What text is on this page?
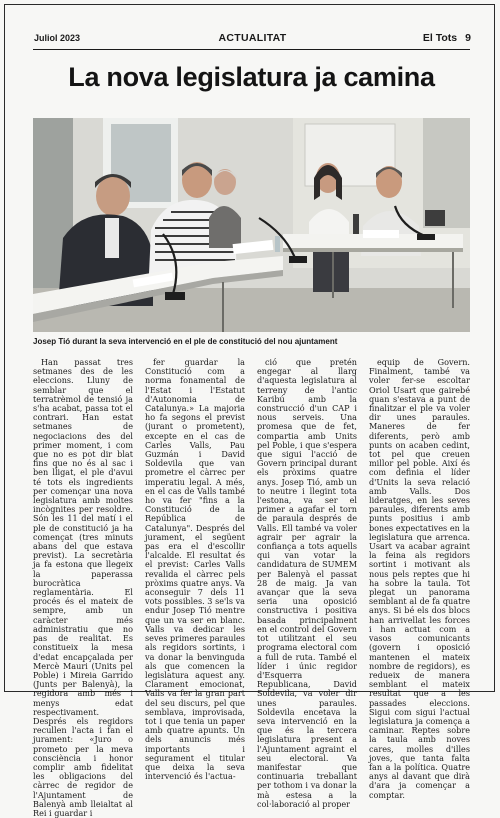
Juliol 2023	ACTUALITAT	El Tots 9
La nova legislatura ja camina
Josep Tió durant la seva intervenció en el ple de constitució del nou ajuntament

Han passat tres setmanes des de les eleccions. Lluny de semblar que el terratrèmol de tensió ja s'ha acabat, passa tot el contrari. Han estat setmanes de negociacions des del primer moment, i com que no es pot dir blat fins que no és al sac i ben lligat, el ple d'avui té tots els ingredients per començar una nova legislatura amb moltes incògnites per resoldre. Són les 11 del matí i el ple de constitució ja ha començat (tres minuts abans del que estava previst). La secretària ja fa estona que llegeix la paperassa burocràtica reglamentària. El procés és el mateix de sempre, amb un caràcter més administratiu que no pas de realitat. Es constitueix la mesa d'edat encapçalada per Mercè Mauri (Units pel Poble) i Mireia Garrido (Junts per Balenyà), la regidora amb més i menys edat respectivament. Després els regidors recullen l'acta i fan el jurament: «Juro o prometo per la meva consciència i honor complir amb fidelitat les obligacions del càrrec de regidor de l'Ajuntament de Balenyà amb lleialtat al Rei i guardar i

fer guardar la Constitució com a norma fonamental de l'Estat i l'Estatut d'Autonomia de Catalunya.» La majoria ho fa segons el previst (jurant o prometent), excepte en el cas de Carles Valls, Pau Guzmán i David Soldevila que van prometre el càrrec per imperatiu legal. A més, en el cas de Valls també ho va fer "fins a la Constitució de la República de Catalunya". Després del jurament, el següent pas era el d'escollir l'alcalde. El resultat és el previst: Carles Valls revalida el càrrec pels pròxims quatre anys. Va aconseguir 7 dels 11 vots possibles. 3 se'ls va endur Josep Tió mentre que un va ser en blanc. Valls va dedicar les seves primeres paraules als regidors sortints, i va donar la benvinguda als que comencen la legislatura aquest any. Clarament emocionat, Valls va fer la gran part del seu discurs, pel que semblava, improvisada, tot i que tenia un paper amb quatre apunts. Un dels anuncis més importants i segurament el titular que deixa la seva intervenció és l'actua-

ció que pretén engegar al llarg d'aquesta legislatura al terreny de l'antic Karibú amb la construcció d'un CAP i nous serveis. Una promesa que de fet, compartia amb Units pel Poble, i que s'espera que sigui l'acció de Govern principal durant els pròxims quatre anys. Josep Tió, amb un to neutre i llegint tota l'estona, va ser el primer a agafar el torn de paraula després de Valls. Ell també va voler agrair per agrair la confiança a tots aquells qui van votar la candidatura de SUMEM per Balenyà el passat 28 de maig. Ja van avançar que la seva seria una oposició constructiva i positiva basada principalment en el control del Govern tot utilitzant el seu programa electoral com a full de ruta. També el líder i únic regidor d'Esquerra Republicana, David Soldevila, va voler dir unes paraules. Soldevila encetava la seva intervenció en la que és la tercera legislatura present a l'Ajuntament agraint el seu electoral. Va manifestar que continuaria treballant per tothom i va donar la mà estesa a la col·laboració al proper

equip de Govern. Finalment, també va voler fer-se escoltar Oriol Usart que gairebé quan s'estava a punt de finalitzar el ple va voler dir unes paraules. Maneres de fer diferents, però amb punts on acaben cedint, tot pel que creuen millor pel poble. Així és com definia el líder d'Units la seva relació amb Valls. Dos lideratges, en les seves paraules, diferents amb punts positius i amb bones expectatives en la legislatura que arrenca. Usart va acabar agraint la feina als regidors sortint i motivant als nous pels reptes que hi ha sobre la taula. Tot plegat un panorama semblant al de fa quatre anys. Si bé els dos blocs han arrivellat les forces i han actuat com a vasos comunicants (govern i oposició mantenen el mateix nombre de regidors), es redueix de manera semblant el mateix resultat que a les passades eleccions. Sigui com sigui l'actual legislatura ja comença a caminar. Reptes sobre la taula amb noves cares, molles d'illes joves, que tanta falta fan a la política. Quatre anys al davant que dirà d'ara ja començar a comptar.
